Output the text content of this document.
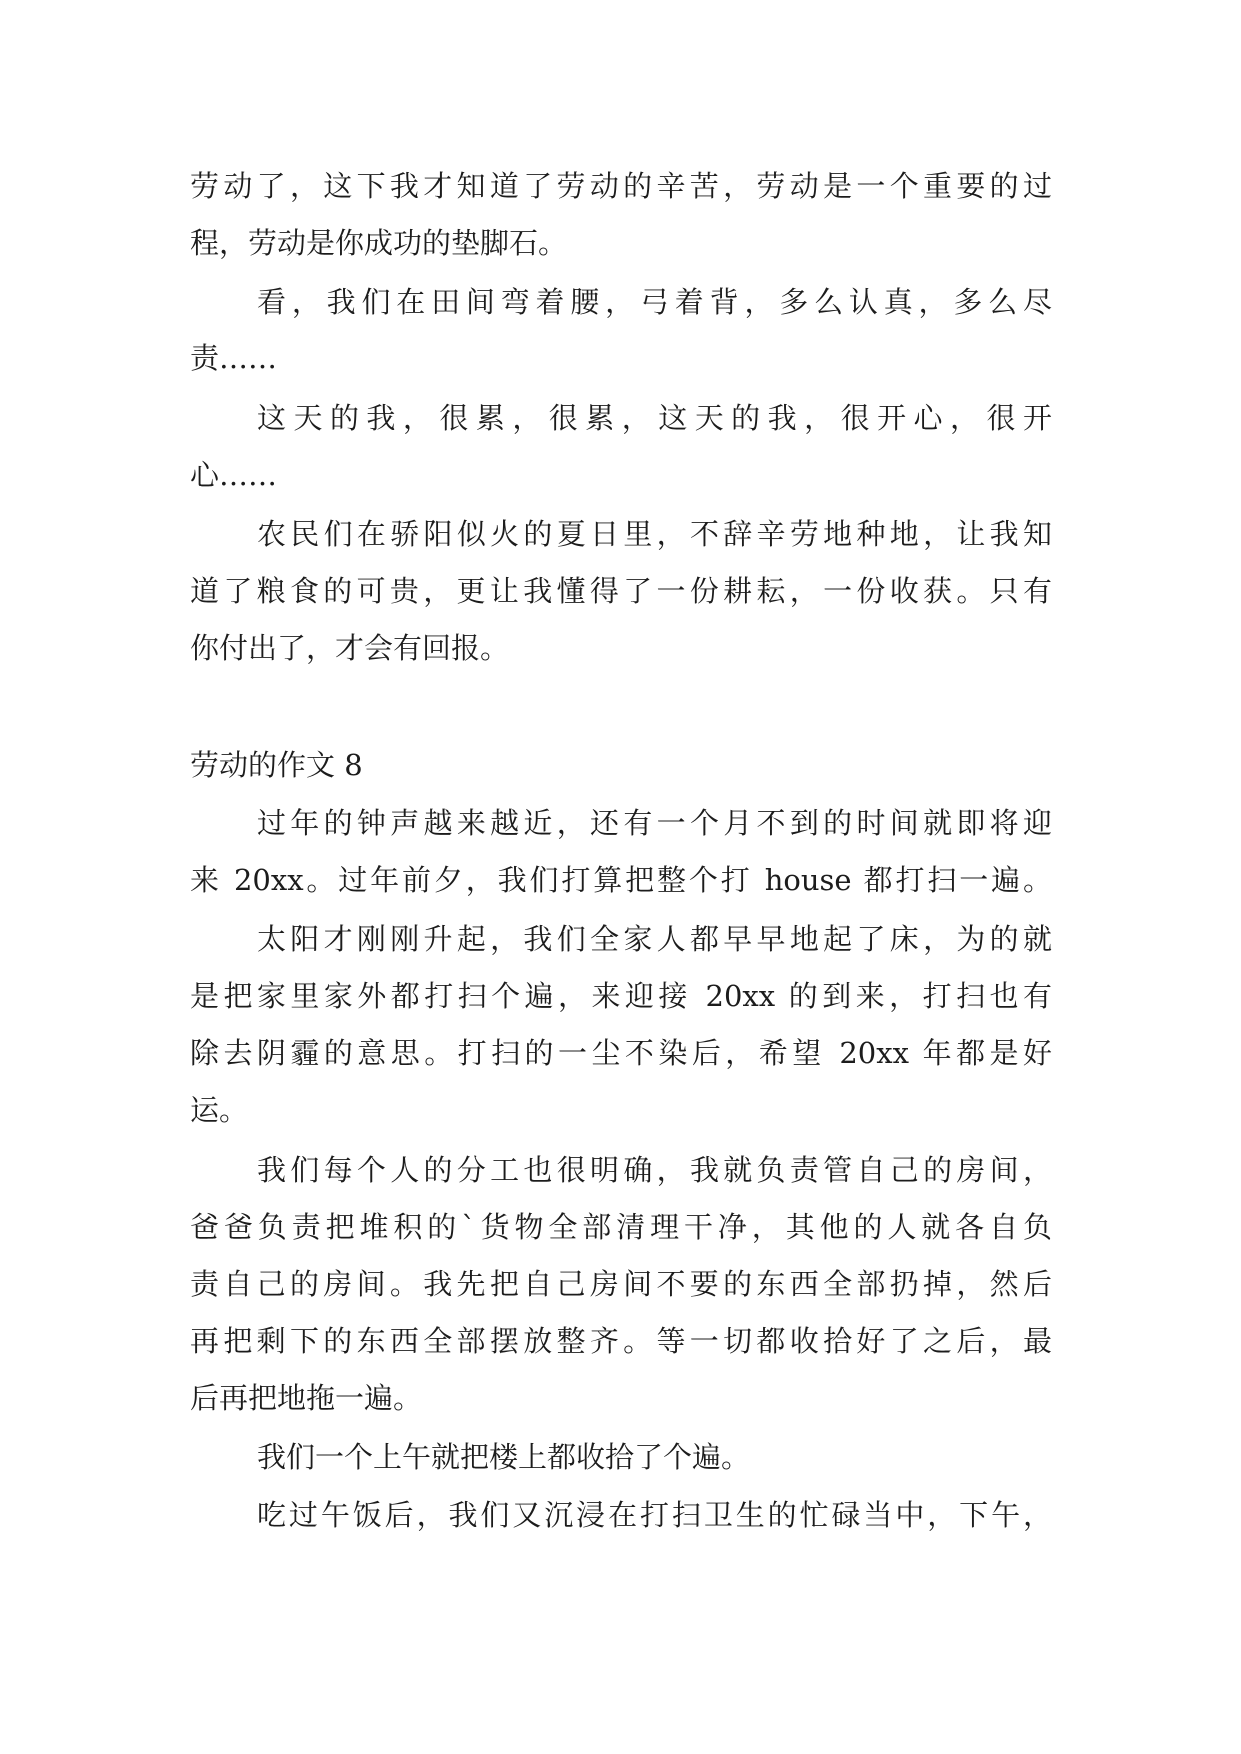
劳动了，这下我才知道了劳动的辛苦，劳动是一个重要的过
程，劳动是你成功的垫脚石。
看，我们在田间弯着腰，弓着背，多么认真，多么尽
责……
这天的我，很累，很累，这天的我，很开心，很开
心……
农民们在骄阳似火的夏日里，不辞辛劳地种地，让我知
道了粮食的可贵，更让我懂得了一份耕耘，一份收获。只有
你付出了，才会有回报。
劳动的作文 8
过年的钟声越来越近，还有一个月不到的时间就即将迎
来 20xx。过年前夕，我们打算把整个打 house 都打扫一遍。
太阳才刚刚升起，我们全家人都早早地起了床，为的就
是把家里家外都打扫个遍，来迎接 20xx 的到来，打扫也有
除去阴霾的意思。打扫的一尘不染后，希望 20xx 年都是好
运。
我们每个人的分工也很明确，我就负责管自己的房间，
爸爸负责把堆积的`货物全部清理干净，其他的人就各自负
责自己的房间。我先把自己房间不要的东西全部扔掉，然后
再把剩下的东西全部摆放整齐。等一切都收拾好了之后，最
后再把地拖一遍。
我们一个上午就把楼上都收拾了个遍。
吃过午饭后，我们又沉浸在打扫卫生的忙碌当中，下午，
